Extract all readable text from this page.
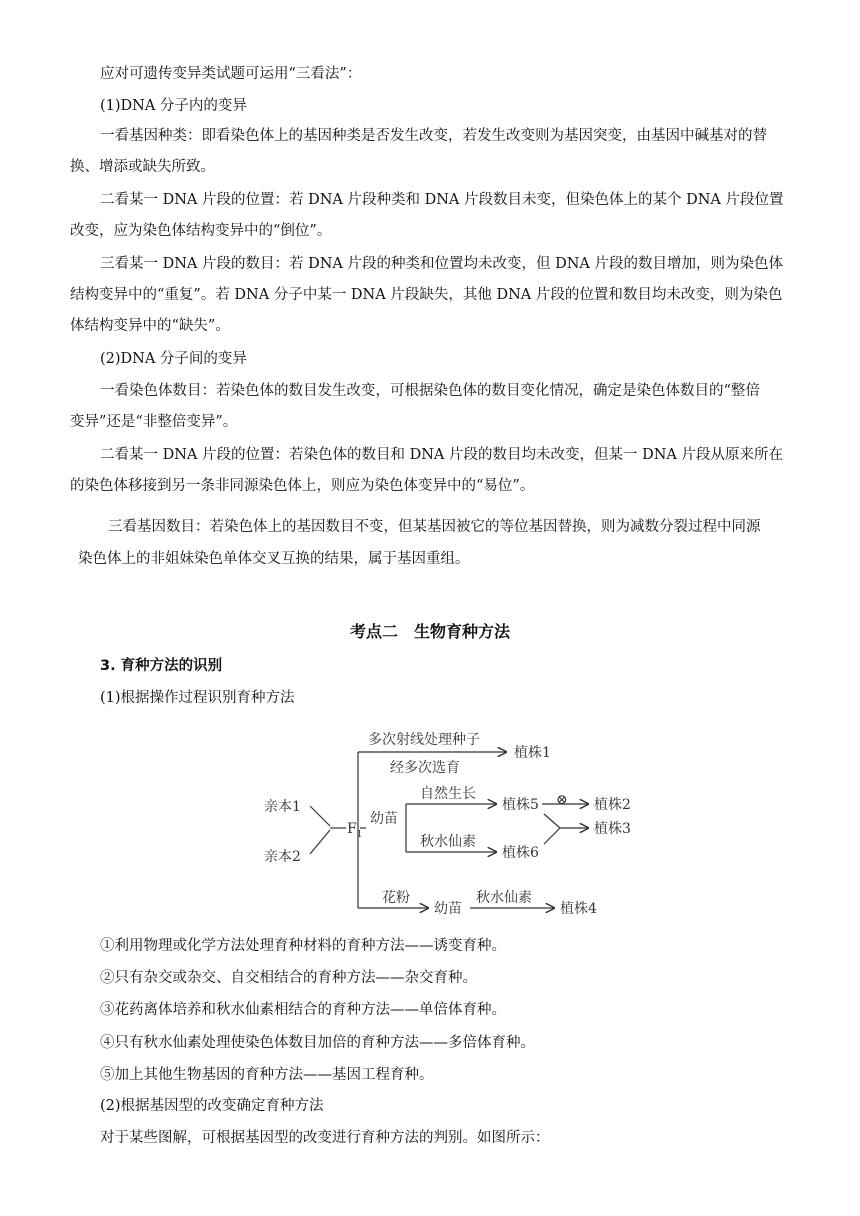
应对可遗传变异类试题可运用“三看法”：
(1)DNA 分子内的变异
一看基因种类：即看染色体上的基因种类是否发生改变，若发生改变则为基因突变，由基因中碱基对的替
换、增添或缺失所致。
二看某一 DNA 片段的位置：若 DNA 片段种类和 DNA 片段数目未变，但染色体上的某个 DNA 片段位置
改变，应为染色体结构变异中的“倒位”。
三看某一 DNA 片段的数目：若 DNA 片段的种类和位置均未改变，但 DNA 片段的数目增加，则为染色体
结构变异中的“重复”。若 DNA 分子中某一 DNA 片段缺失，其他 DNA 片段的位置和数目均未改变，则为染色
体结构变异中的“缺失”。
(2)DNA 分子间的变异
一看染色体数目：若染色体的数目发生改变，可根据染色体的数目变化情况，确定是染色体数目的“整倍
变异”还是“非整倍变异”。
二看某一 DNA 片段的位置：若染色体的数目和 DNA 片段的数目均未改变，但某一 DNA 片段从原来所在
的染色体移接到另一条非同源染色体上，则应为染色体变异中的“易位”。
三看基因数目：若染色体上的基因数目不变，但某基因被它的等位基因替换，则为减数分裂过程中同源
染色体上的非姐妹染色单体交叉互换的结果，属于基因重组。
考点二　生物育种方法
3. 育种方法的识别
(1)根据操作过程识别育种方法
亲本1
亲本2
$F_1$
多次射线处理种子
经多次选育
植株1
幼苗
自然生长
秋水仙素
植株5
植株6
⊗ 植株2
植株3
花粉
幼苗
秋水仙素
植株4
①利用物理或化学方法处理育种材料的育种方法——诱变育种。
②只有杂交或杂交、自交相结合的育种方法——杂交育种。
③花药离体培养和秋水仙素相结合的育种方法——单倍体育种。
④只有秋水仙素处理使染色体数目加倍的育种方法——多倍体育种。
⑤加上其他生物基因的育种方法——基因工程育种。
(2)根据基因型的改变确定育种方法
对于某些图解，可根据基因型的改变进行育种方法的判别。如图所示：
